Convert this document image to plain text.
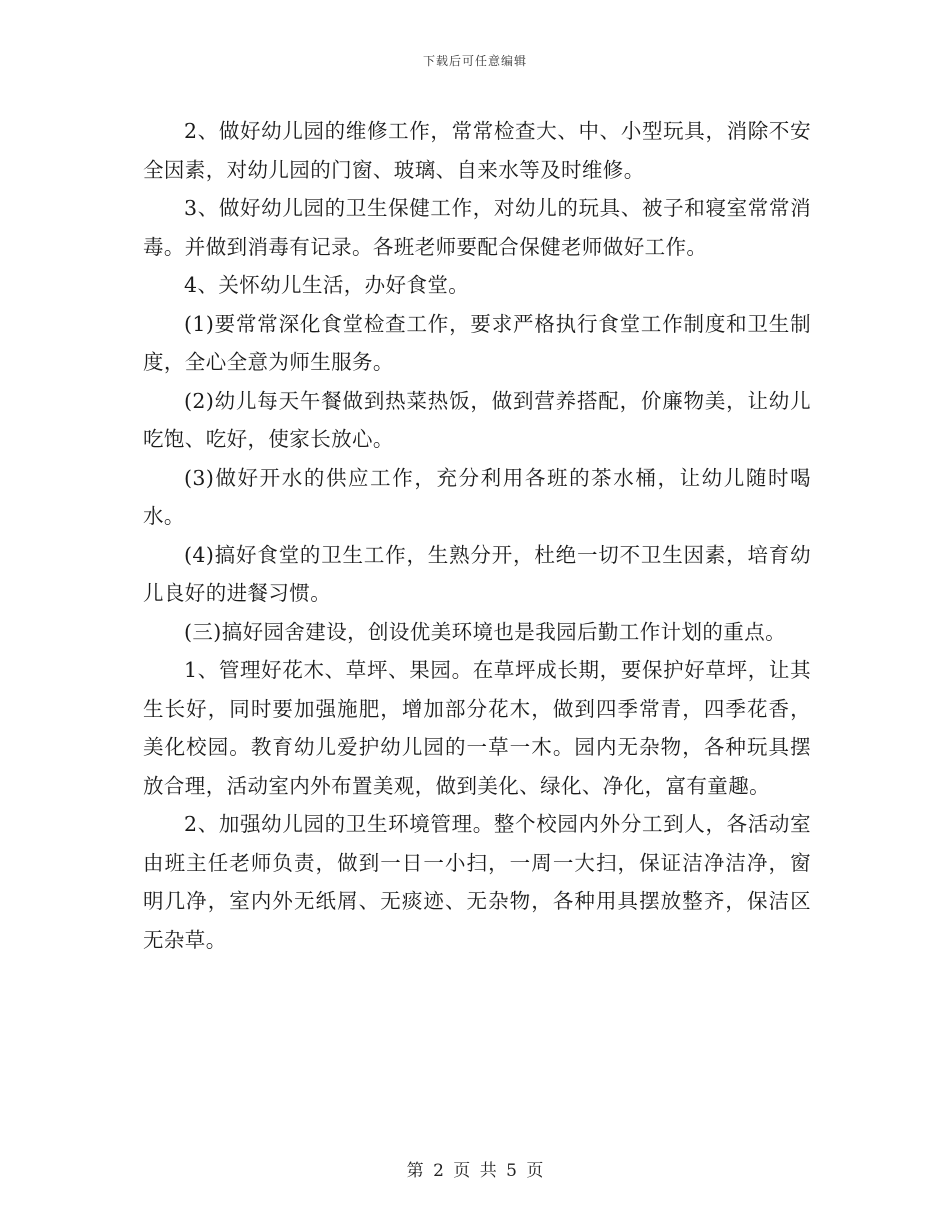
下载后可任意编辑

2、做好幼儿园的维修工作，常常检查大、中、小型玩具，消除不安全因素，对幼儿园的门窗、玻璃、自来水等及时维修。

3、做好幼儿园的卫生保健工作，对幼儿的玩具、被子和寝室常常消毒。并做到消毒有记录。各班老师要配合保健老师做好工作。

4、关怀幼儿生活，办好食堂。

(1)要常常深化食堂检查工作，要求严格执行食堂工作制度和卫生制度，全心全意为师生服务。

(2)幼儿每天午餐做到热菜热饭，做到营养搭配，价廉物美，让幼儿吃饱、吃好，使家长放心。

(3)做好开水的供应工作，充分利用各班的茶水桶，让幼儿随时喝水。

(4)搞好食堂的卫生工作，生熟分开，杜绝一切不卫生因素，培育幼儿良好的进餐习惯。

(三)搞好园舍建设，创设优美环境也是我园后勤工作计划的重点。

1、管理好花木、草坪、果园。在草坪成长期，要保护好草坪，让其生长好，同时要加强施肥，增加部分花木，做到四季常青，四季花香，美化校园。教育幼儿爱护幼儿园的一草一木。园内无杂物，各种玩具摆放合理，活动室内外布置美观，做到美化、绿化、净化，富有童趣。

2、加强幼儿园的卫生环境管理。整个校园内外分工到人，各活动室由班主任老师负责，做到一日一小扫，一周一大扫，保证洁净洁净，窗明几净，室内外无纸屑、无痰迹、无杂物，各种用具摆放整齐，保洁区无杂草。

第 2 页 共 5 页
